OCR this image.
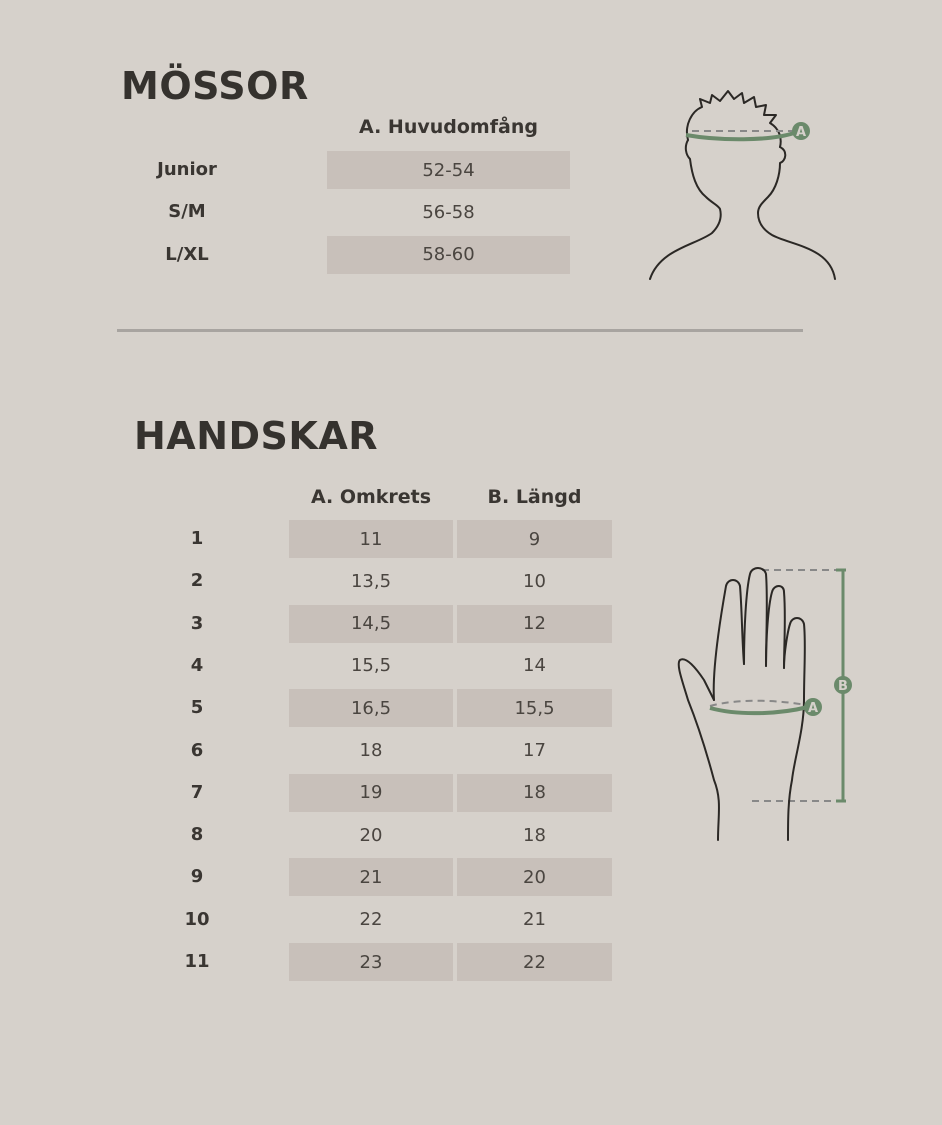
MÖSSOR
A. Huvudomfång
Junior	52-54
S/M	56-58
L/XL	58-60
A
HANDSKAR
A. Omkrets	B. Längd
1	11	9
2	13,5	10
3	14,5	12
4	15,5	14
5	16,5	15,5
6	18	17
7	19	18
8	20	18
9	21	20
10	22	21
11	23	22
B
A
